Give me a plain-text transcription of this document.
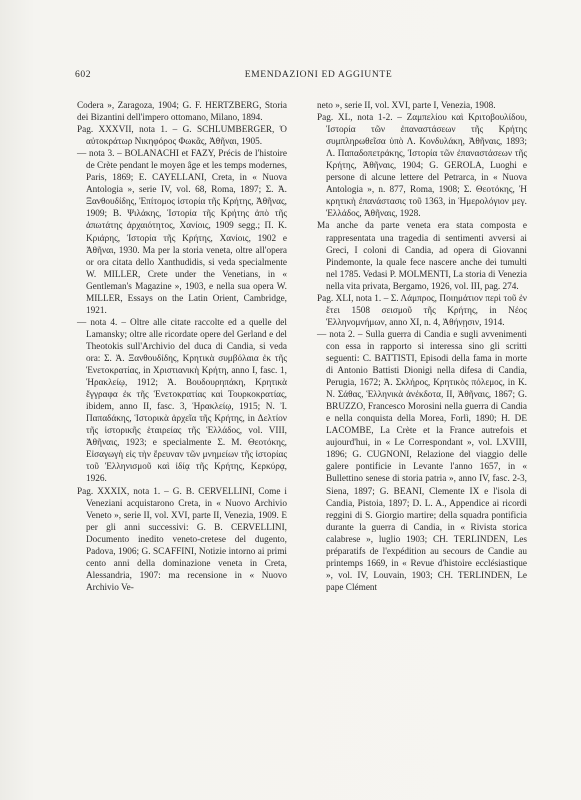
602	EMENDAZIONI ED AGGIUNTE

Codera », Zaragoza, 1904; G. F. HERTZBERG, Storia dei Bizantini dell'impero ottomano, Milano, 1894.

Pag. XXXVII, nota 1. – G. SCHLUMBERGER, Ὁ αὐτοκράτωρ Νικηφόρος Φωκᾶς, Ἀθῆναι, 1905.

— nota 3. – BOLANACHI et FAZY, Précis de l'histoire de Crète pendant le moyen âge et les temps modernes, Paris, 1869; E. CAYELLANI, Creta, in « Nuova Antologia », serie IV, vol. 68, Roma, 1897; Σ. Ἀ. Ξανθουδίδης, Ἐπίτομος ἱστορία τῆς Κρήτης, Ἀθῆνας, 1909; Β. Ψιλάκης, Ἱστορία τῆς Κρήτης ἀπὸ τῆς ἀπωτάτης ἀρχαιότητος, Χανίοις, 1909 segg.; Π. Κ. Κριάρης, Ἱστορία τῆς Κρήτης, Χανίοις, 1902 e Ἀθῆναι, 1930. Ma per la storia veneta, oltre all'opera or ora citata dello Xanthudidis, si veda specialmente W. MILLER, Crete under the Venetians, in « Gentleman's Magazine », 1903, e nella sua opera W. MILLER, Essays on the Latin Orient, Cambridge, 1921.

— nota 4. – Oltre alle citate raccolte ed a quelle del Lamansky; oltre alle ricordate opere del Gerland e del Theotokis sull'Archivio del duca di Candia, si veda ora: Σ. Ἀ. Ξανθουδίδης, Κρητικὰ συμβόλαια ἐκ τῆς Ἑνετοκρατίας, in Χριστιανικὴ Κρήτη, anno I, fasc. 1, Ἡρακλείῳ, 1912; Ἀ. Βουδουρηπάκη, Κρητικὰ ἔγγραφα ἐκ τῆς Ἑνετοκρατίας καὶ Τουρκοκρατίας, ibidem, anno II, fasc. 3, Ἡρακλείῳ, 1915; Ν. Ἰ. Παπαδάκης, Ἱστορικὰ ἀρχεῖα τῆς Κρήτης, in Δελτίον τῆς ἱστορικῆς ἑταιρείας τῆς Ἑλλάδος, vol. VIII, Ἀθῆναις, 1923; e specialmente Σ. Μ. Θεοτόκης, Εἰσαγωγὴ εἰς τὴν ἔρευναν τῶν μνημείων τῆς ἱστορίας τοῦ Ἑλληνισμοῦ καὶ ἰδίᾳ τῆς Κρήτης, Κερκύρᾳ, 1926.

Pag. XXXIX, nota 1. – G. B. CERVELLINI, Come i Veneziani acquistarono Creta, in « Nuovo Archivio Veneto », serie II, vol. XVI, parte II, Venezia, 1909. E per gli anni successivi: G. B. CERVELLINI, Documento inedito veneto-cretese del dugento, Padova, 1906; G. SCAFFINI, Notizie intorno ai primi cento anni della dominazione veneta in Creta, Alessandria, 1907: ma recensione in « Nuovo Archivio Ve-

neto », serie II, vol. XVI, parte I, Venezia, 1908.

Pag. XL, nota 1-2. – Ζαμπελίου καὶ Κριτοβουλίδου, Ἱστορία τῶν ἐπαναστάσεων τῆς Κρήτης συμπληρωθεῖσα ὑπὸ Λ. Κονδυλάκη, Ἀθῆναις, 1893; Λ. Παπαδοπετράκης, Ἱστορία τῶν ἐπαναστάσεων τῆς Κρήτης, Ἀθῆναις, 1904; G. GEROLA, Luoghi e persone di alcune lettere del Petrarca, in « Nuova Antologia », n. 877, Roma, 1908; Σ. Θεοτόκης, Ἡ κρητικὴ ἐπανάστασις τοῦ 1363, in Ἡμερολόγιον μεγ. Ἑλλάδος, Ἀθῆναις, 1928.

Ma anche da parte veneta era stata composta e rappresentata una tragedia di sentimenti avversi ai Greci, I coloni di Candia, ad opera di Giovanni Pindemonte, la quale fece nascere anche dei tumulti nel 1785. Vedasi P. MOLMENTI, La storia di Venezia nella vita privata, Bergamo, 1926, vol. III, pag. 274.

Pag. XLI, nota 1. – Σ. Λάμπρος, Ποιημάτιον περὶ τοῦ ἐν ἔτει 1508 σεισμοῦ τῆς Κρήτης, in Νέος Ἑλληνομνήμων, anno XI, n. 4, Ἀθήνῃσιν, 1914.

— nota 2. – Sulla guerra di Candia e sugli avvenimenti con essa in rapporto si interessa sino gli scritti seguenti: C. BATTISTI, Episodi della fama in morte di Antonio Battisti Dionigi nella difesa di Candia, Perugia, 1672; Ἀ. Σκλήρος, Κρητικὸς πόλεμος, in Κ. Ν. Σάθας, Ἑλληνικὰ ἀνέκδοτα, II, Ἀθῆναις, 1867; G. BRUZZO, Francesco Morosini nella guerra di Candia e nella conquista della Morea, Forlì, 1890; H. DE LACOMBE, La Crète et la France autrefois et aujourd'hui, in « Le Correspondant », vol. LXVIII, 1896; G. CUGNONI, Relazione del viaggio delle galere pontificie in Levante l'anno 1657, in « Bullettino senese di storia patria », anno IV, fasc. 2-3, Siena, 1897; G. BEANI, Clemente IX e l'isola di Candia, Pistoia, 1897; D. L. A., Appendice ai ricordi reggini di S. Giorgio martire; della squadra pontificia durante la guerra di Candia, in « Rivista storica calabrese », luglio 1903; CH. TERLINDEN, Les préparatifs de l'expédition au secours de Candie au printemps 1669, in « Revue d'histoire ecclésiastique », vol. IV, Louvain, 1903; CH. TERLINDEN, Le pape Clément
